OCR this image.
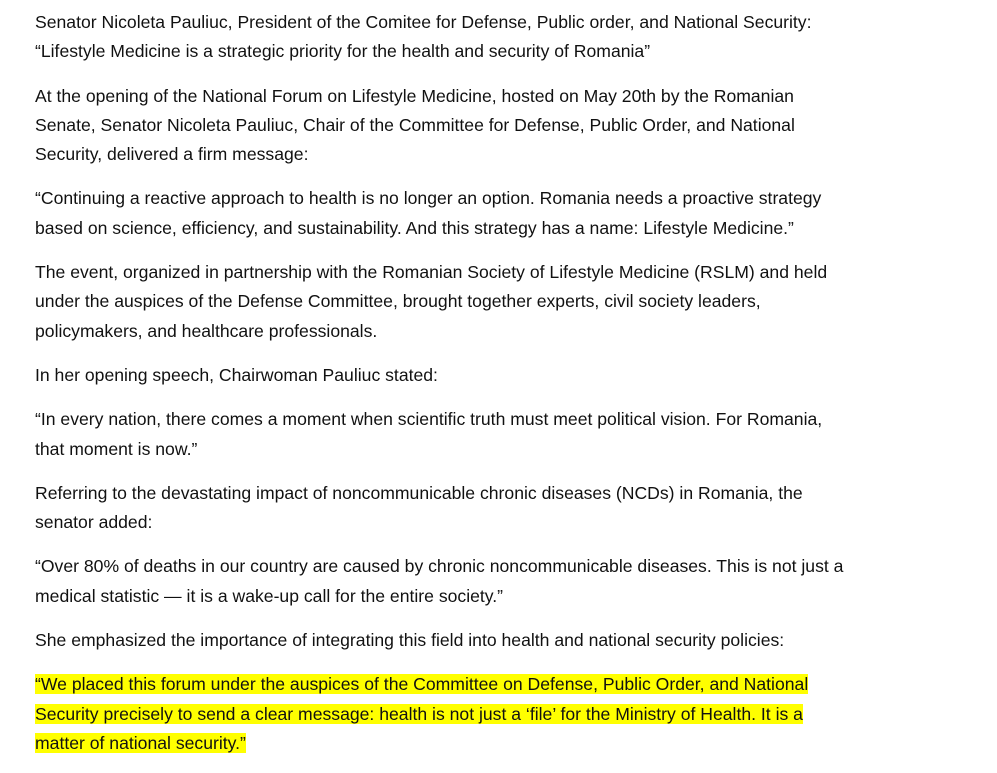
Senator Nicoleta Pauliuc, President of the Comitee for Defense, Public order, and National Security:
“Lifestyle Medicine is a strategic priority for the health and security of Romania”

At the opening of the National Forum on Lifestyle Medicine, hosted on May 20th by the Romanian
Senate, Senator Nicoleta Pauliuc, Chair of the Committee for Defense, Public Order, and National
Security, delivered a firm message:

“Continuing a reactive approach to health is no longer an option. Romania needs a proactive strategy
based on science, efficiency, and sustainability. And this strategy has a name: Lifestyle Medicine.”

The event, organized in partnership with the Romanian Society of Lifestyle Medicine (RSLM) and held
under the auspices of the Defense Committee, brought together experts, civil society leaders,
policymakers, and healthcare professionals.

In her opening speech, Chairwoman Pauliuc stated:

“In every nation, there comes a moment when scientific truth must meet political vision. For Romania,
that moment is now.”

Referring to the devastating impact of noncommunicable chronic diseases (NCDs) in Romania, the
senator added:

“Over 80% of deaths in our country are caused by chronic noncommunicable diseases. This is not just a
medical statistic — it is a wake-up call for the entire society.”

She emphasized the importance of integrating this field into health and national security policies:

“We placed this forum under the auspices of the Committee on Defense, Public Order, and National
Security precisely to send a clear message: health is not just a ‘file’ for the Ministry of Health. It is a
matter of national security.”
